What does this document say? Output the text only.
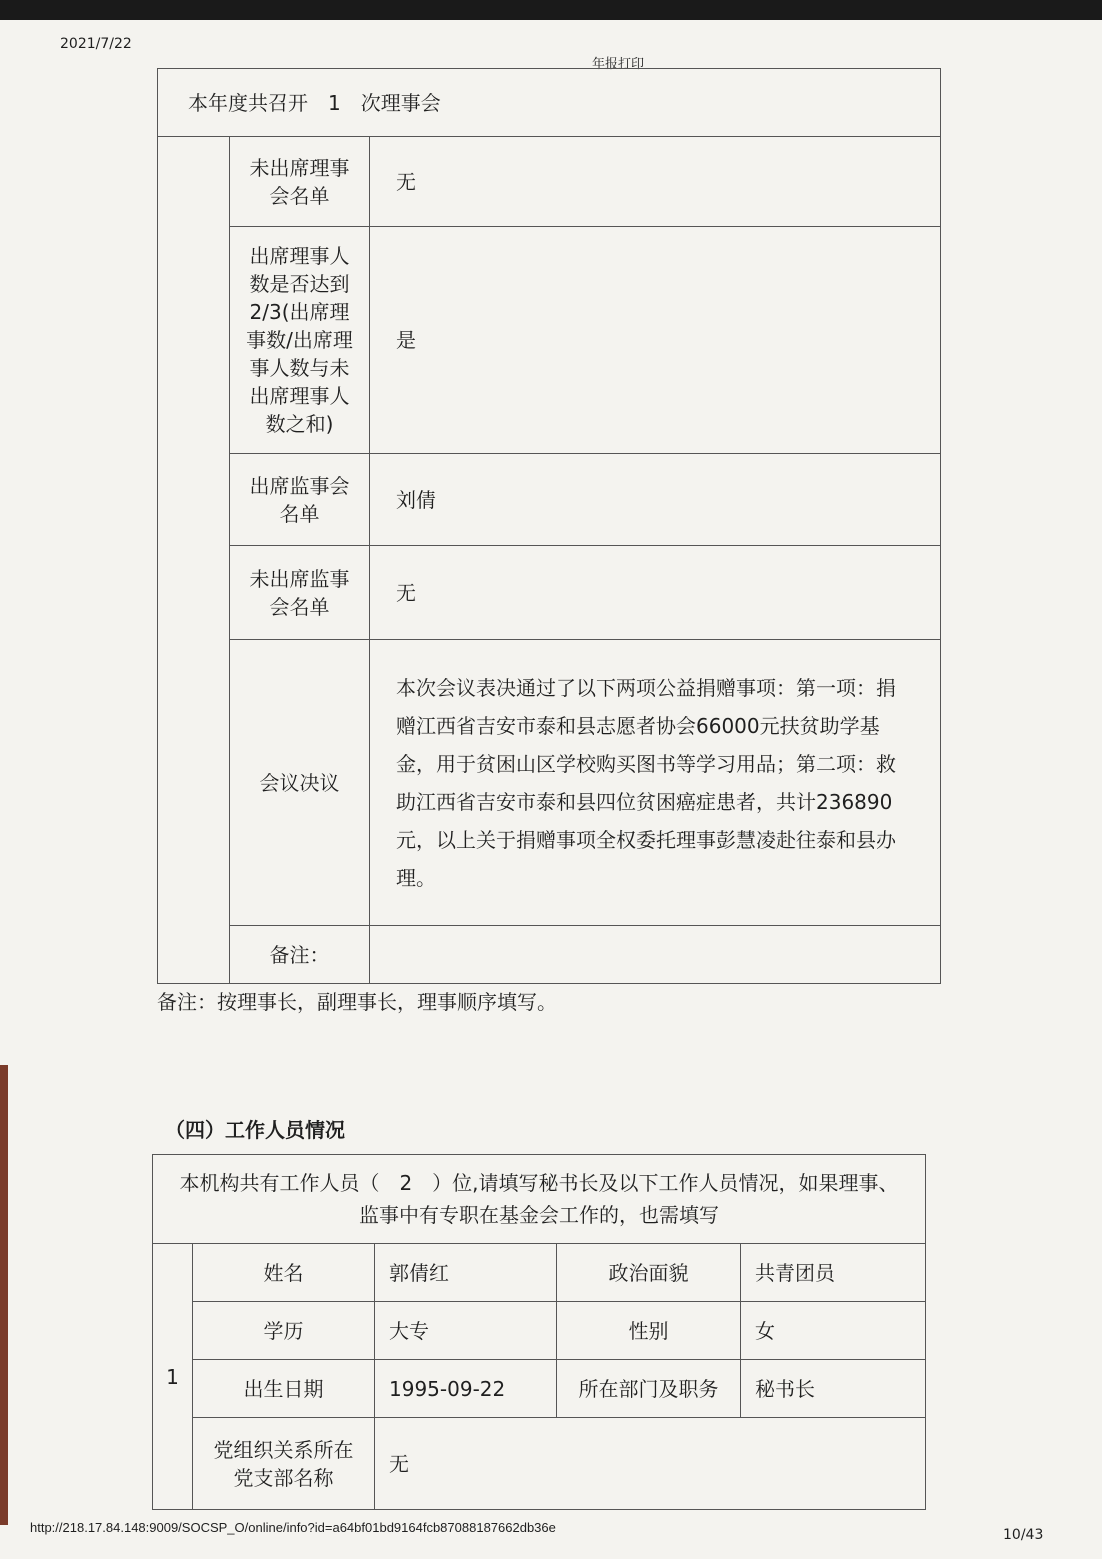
2021/7/22
年报打印
本年度共召开　1　次理事会		
	未出席理事会名单	无
	出席理事人数是否达到2/3(出席理事数/出席理事人数与未出席理事人数之和)	是
	出席监事会名单	刘倩
	未出席监事会名单	无
	会议决议	本次会议表决通过了以下两项公益捐赠事项：第一项：捐赠江西省吉安市泰和县志愿者协会66000元扶贫助学基金，用于贫困山区学校购买图书等学习用品；第二项：救助江西省吉安市泰和县四位贫困癌症患者，共计236890元，以上关于捐赠事项全权委托理事彭慧凌赴往泰和县办理。
	备注：	
备注：按理事长，副理事长，理事顺序填写。
（四）工作人员情况
本机构共有工作人员（　2　）位,请填写秘书长及以下工作人员情况，如果理事、监事中有专职在基金会工作的，也需填写				
1	姓名	郭倩红	政治面貌	共青团员
	学历	大专	性别	女
	出生日期	1995-09-22	所在部门及职务	秘书长
	党组织关系所在党支部名称	无		
http://218.17.84.148:9009/SOCSP_O/online/info?id=a64bf01bd9164fcb87088187662db36e	10/43
